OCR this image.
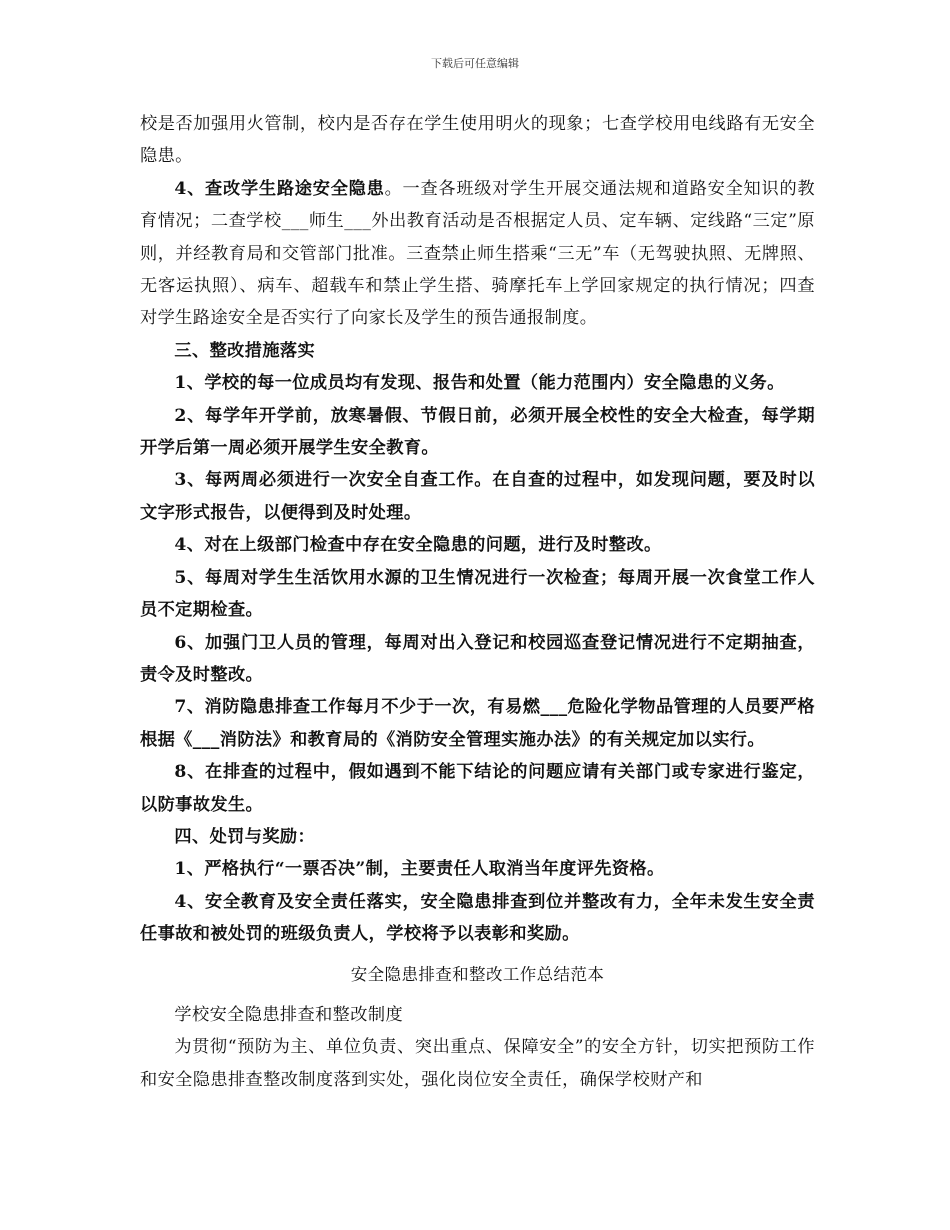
下载后可任意编辑

校是否加强用火管制，校内是否存在学生使用明火的现象；七查学校用电线路有无安全隐患。

4、查改学生路途安全隐患。一查各班级对学生开展交通法规和道路安全知识的教育情况；二查学校___师生___外出教育活动是否根据定人员、定车辆、定线路“三定”原则，并经教育局和交管部门批准。三查禁止师生搭乘“三无”车（无驾驶执照、无牌照、无客运执照）、病车、超载车和禁止学生搭、骑摩托车上学回家规定的执行情况；四查对学生路途安全是否实行了向家长及学生的预告通报制度。

三、整改措施落实

1、学校的每一位成员均有发现、报告和处置（能力范围内）安全隐患的义务。

2、每学年开学前，放寒暑假、节假日前，必须开展全校性的安全大检查，每学期开学后第一周必须开展学生安全教育。

3、每两周必须进行一次安全自查工作。在自查的过程中，如发现问题，要及时以文字形式报告，以便得到及时处理。

4、对在上级部门检查中存在安全隐患的问题，进行及时整改。

5、每周对学生生活饮用水源的卫生情况进行一次检查；每周开展一次食堂工作人员不定期检查。

6、加强门卫人员的管理，每周对出入登记和校园巡查登记情况进行不定期抽查，责令及时整改。

7、消防隐患排查工作每月不少于一次，有易燃___危险化学物品管理的人员要严格根据《___消防法》和教育局的《消防安全管理实施办法》的有关规定加以实行。

8、在排查的过程中，假如遇到不能下结论的问题应请有关部门或专家进行鉴定，以防事故发生。

四、处罚与奖励：

1、严格执行“一票否决”制，主要责任人取消当年度评先资格。

4、安全教育及安全责任落实，安全隐患排查到位并整改有力，全年未发生安全责任事故和被处罚的班级负责人，学校将予以表彰和奖励。

安全隐患排查和整改工作总结范本

学校安全隐患排查和整改制度

为贯彻“预防为主、单位负责、突出重点、保障安全”的安全方针，切实把预防工作和安全隐患排查整改制度落到实处，强化岗位安全责任，确保学校财产和
